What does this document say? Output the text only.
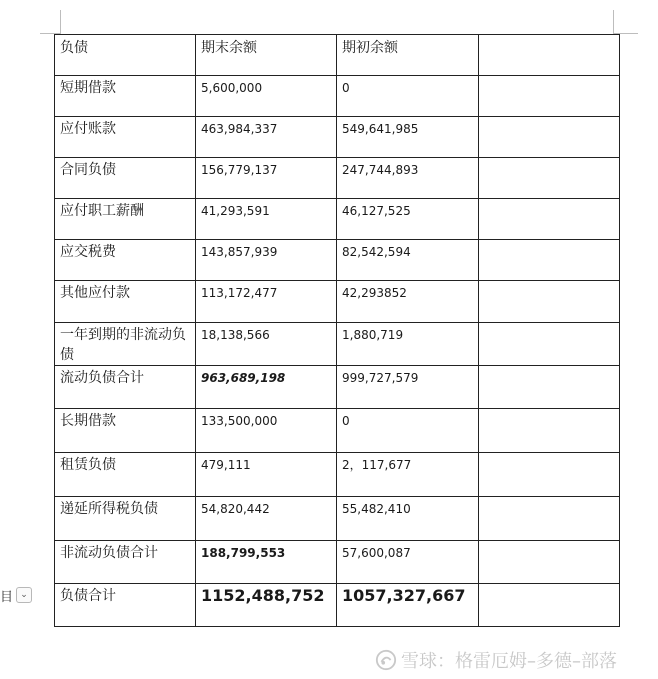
负债	期末余额	期初余额	
短期借款	5,600,000	0	
应付账款	463,984,337	549,641,985	
合同负债	156,779,137	247,744,893	
应付职工薪酬	41,293,591	46,127,525	
应交税费	143,857,939	82,542,594	
其他应付款	113,172,477	42,293852	
一年到期的非流动负债	18,138,566	1,880,719	
流动负债合计	963,689,198	999,727,579	
长期借款	133,500,000	0	
租赁负债	479,111	2，117,677	
递延所得税负债	54,820,442	55,482,410	
非流动负债合计	188,799,553	57,600,087	
负债合计	1152,488,752	1057,327,667	
目 ⌄
雪球：格雷厄姆–多德–部落
